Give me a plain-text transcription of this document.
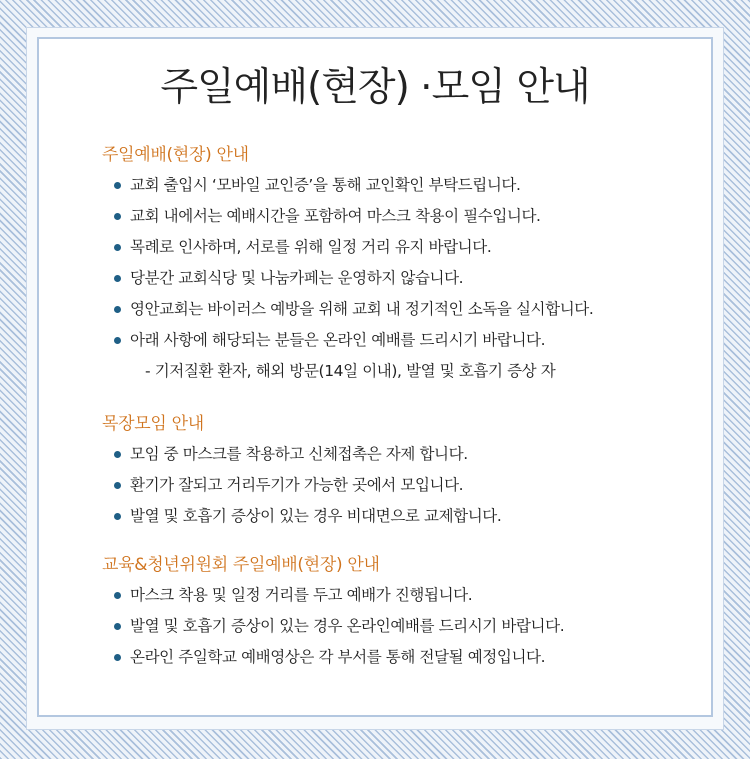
주일예배(현장) ·모임 안내
주일예배(현장) 안내
교회 출입시 ‘모바일 교인증’을 통해 교인확인 부탁드립니다.
교회 내에서는 예배시간을 포함하여 마스크 착용이 필수입니다.
목례로 인사하며, 서로를 위해 일정 거리 유지 바랍니다.
당분간 교회식당 및 나눔카페는 운영하지 않습니다.
영안교회는 바이러스 예방을 위해 교회 내 정기적인 소독을 실시합니다.
아래 사항에 해당되는 분들은 온라인 예배를 드리시기 바랍니다.
- 기저질환 환자, 해외 방문(14일 이내), 발열 및 호흡기 증상 자
목장모임 안내
모임 중 마스크를 착용하고 신체접촉은 자제 합니다.
환기가 잘되고 거리두기가 가능한 곳에서 모입니다.
발열 및 호흡기 증상이 있는 경우 비대면으로 교제합니다.
교육&청년위원회 주일예배(현장) 안내
마스크 착용 및 일정 거리를 두고 예배가 진행됩니다.
발열 및 호흡기 증상이 있는 경우 온라인예배를 드리시기 바랍니다.
온라인 주일학교 예배영상은 각 부서를 통해 전달될 예정입니다.
